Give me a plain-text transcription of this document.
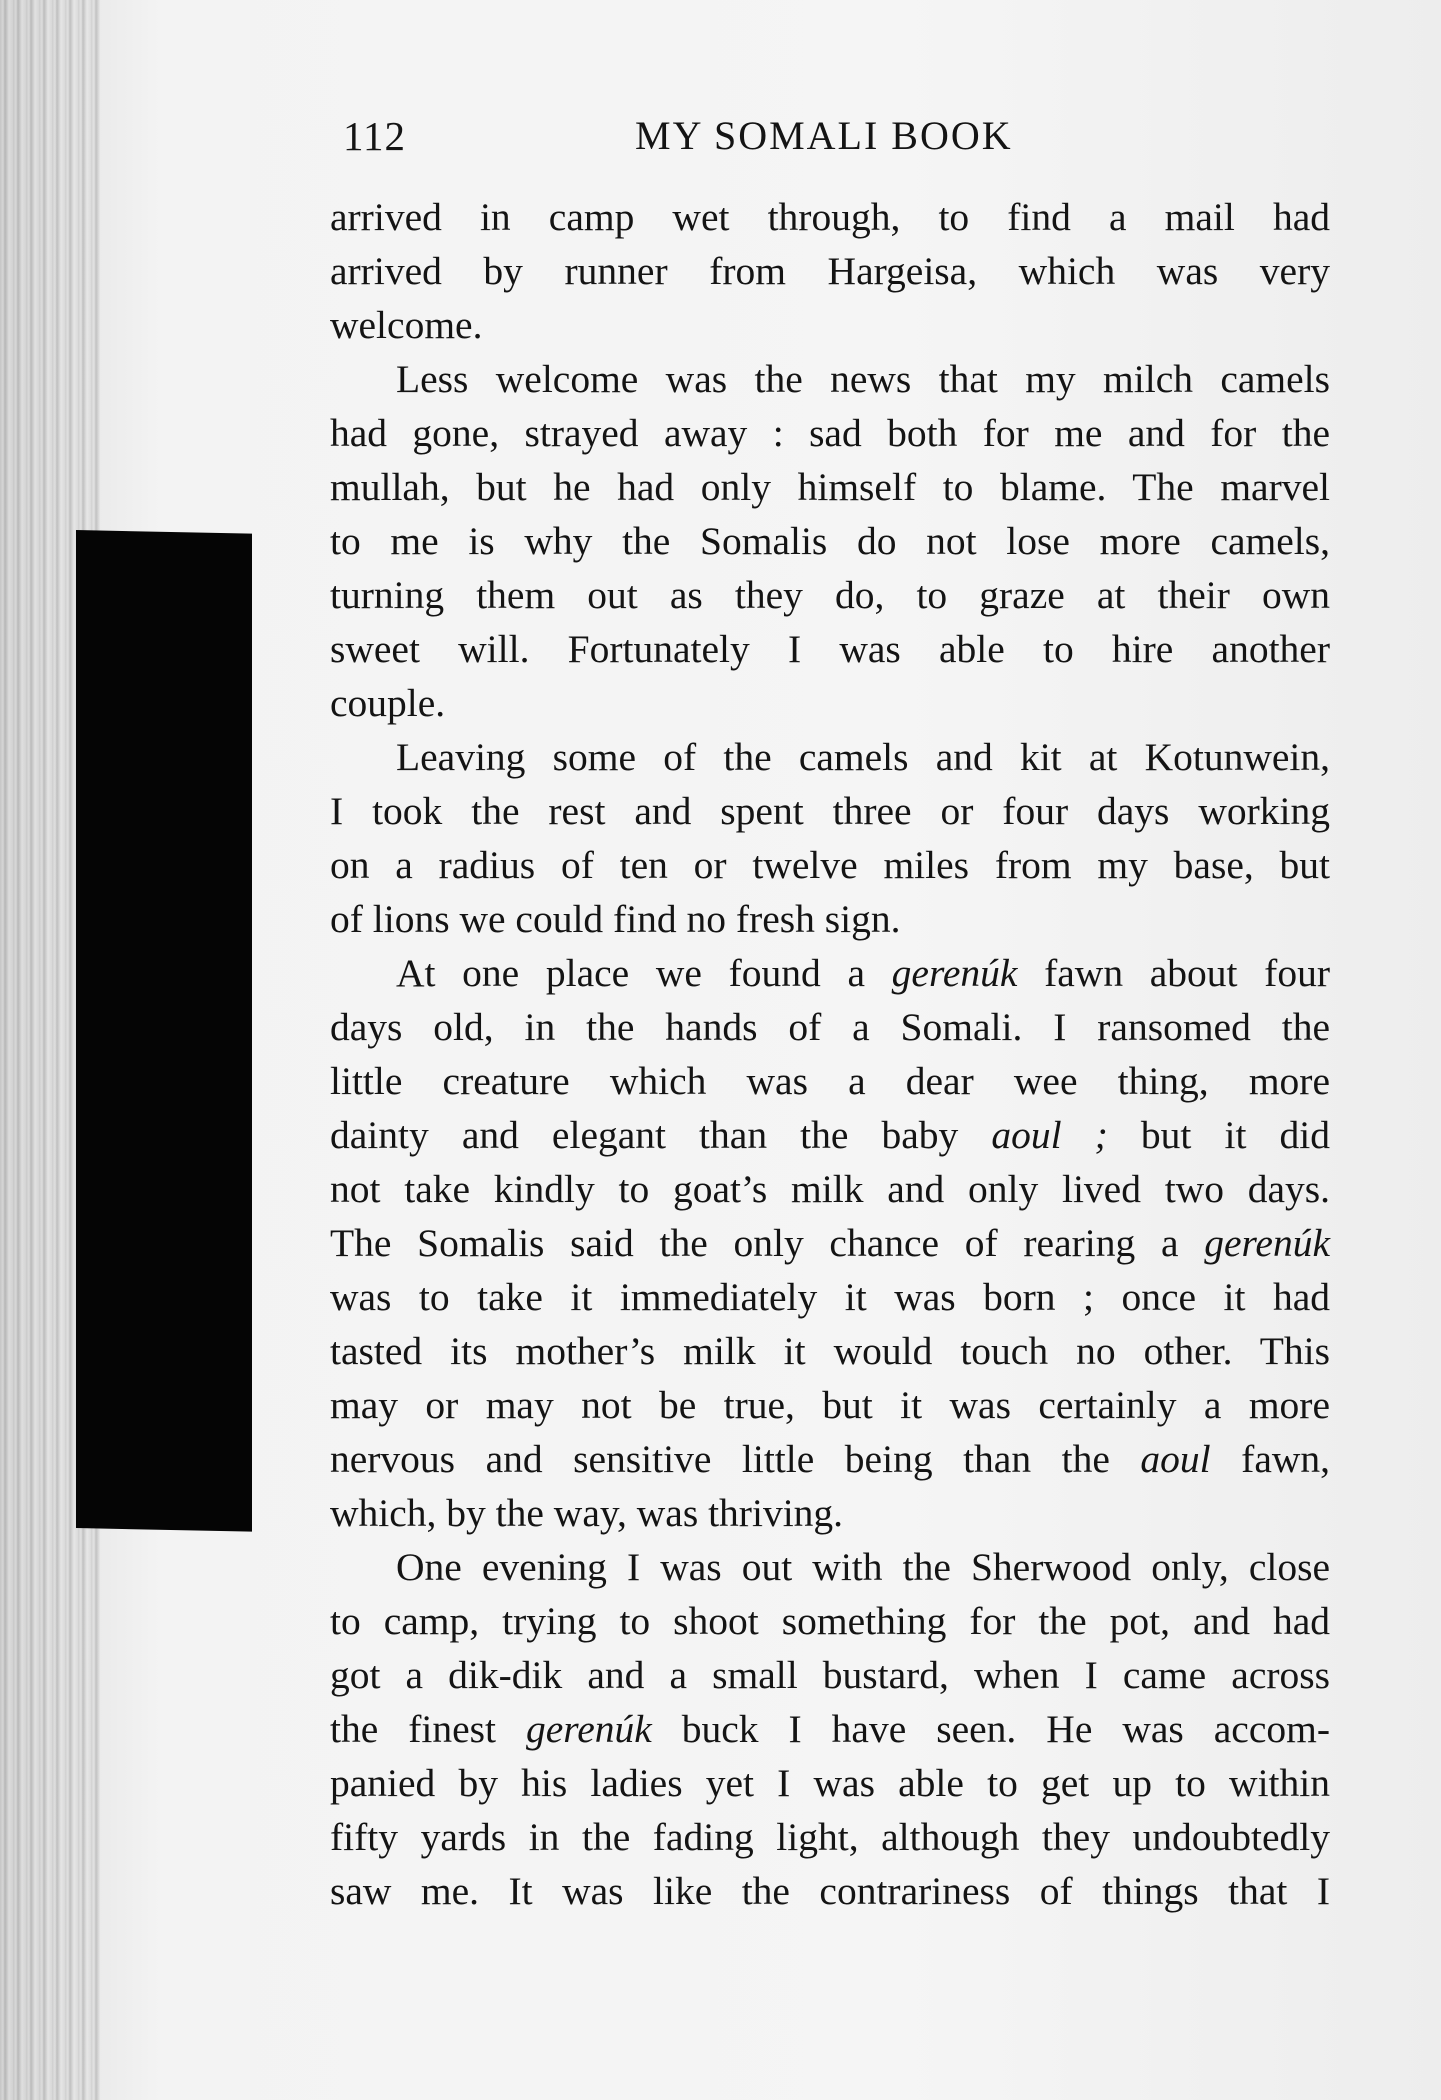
112	MY SOMALI BOOK
arrived in camp wet through, to find a mail had
arrived by runner from Hargeisa, which was very
welcome.
Less welcome was the news that my milch camels
had gone, strayed away : sad both for me and for the
mullah, but he had only himself to blame. The marvel
to me is why the Somalis do not lose more camels,
turning them out as they do, to graze at their own
sweet will. Fortunately I was able to hire another
couple.
Leaving some of the camels and kit at Kotunwein,
I took the rest and spent three or four days working
on a radius of ten or twelve miles from my base, but
of lions we could find no fresh sign.
At one place we found a gerenúk fawn about four
days old, in the hands of a Somali. I ransomed the
little creature which was a dear wee thing, more
dainty and elegant than the baby aoul ; but it did
not take kindly to goat’s milk and only lived two days.
The Somalis said the only chance of rearing a gerenúk
was to take it immediately it was born ; once it had
tasted its mother’s milk it would touch no other. This
may or may not be true, but it was certainly a more
nervous and sensitive little being than the aoul fawn,
which, by the way, was thriving.
One evening I was out with the Sherwood only, close
to camp, trying to shoot something for the pot, and had
got a dik-dik and a small bustard, when I came across
the finest gerenúk buck I have seen. He was accom-
panied by his ladies yet I was able to get up to within
fifty yards in the fading light, although they undoubtedly
saw me. It was like the contrariness of things that I
